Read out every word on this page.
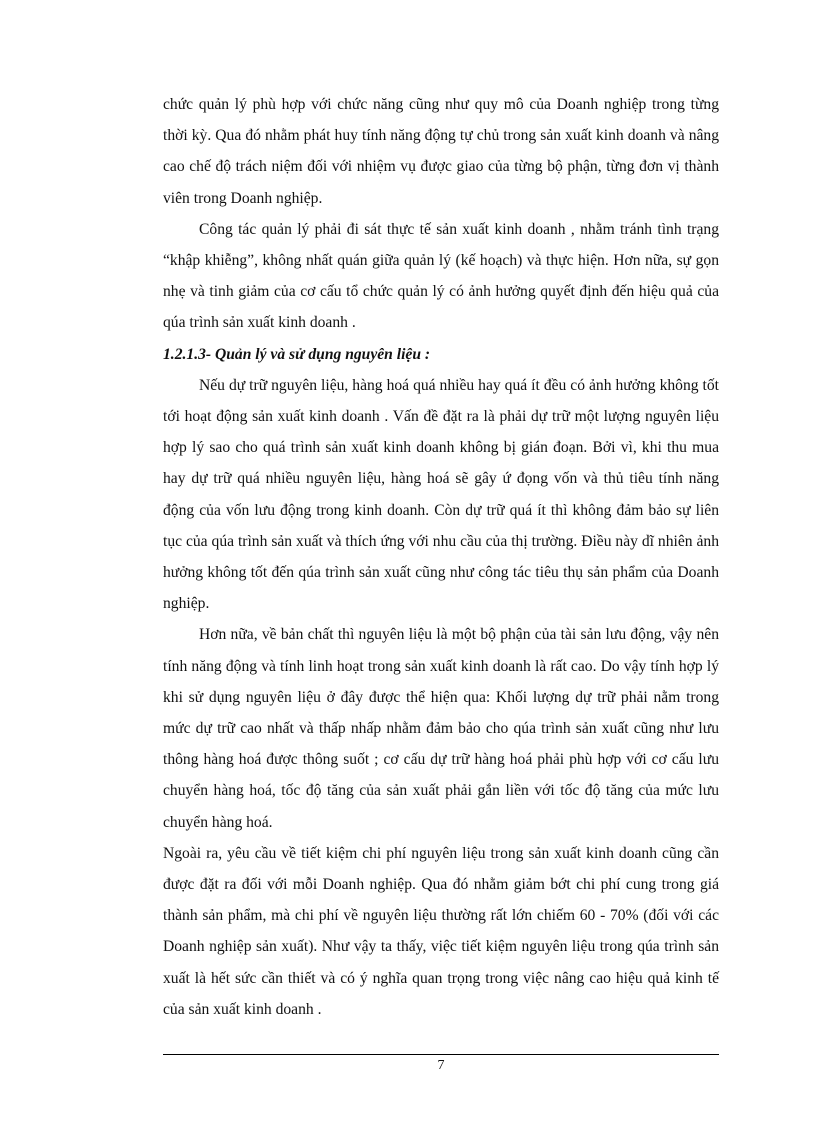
chức quản lý phù hợp với chức năng cũng như quy mô của Doanh nghiệp trong từng thời kỳ. Qua đó nhằm phát huy tính năng động tự chủ trong sản xuất kinh doanh và nâng cao chế độ trách niệm đối với nhiệm vụ được giao của từng bộ phận, từng đơn vị thành viên trong Doanh nghiệp.

Công tác quản lý phải đi sát thực tế sản xuất kinh doanh , nhằm tránh tình trạng “khập khiễng”, không nhất quán giữa quản lý (kế hoạch) và thực hiện. Hơn nữa, sự gọn nhẹ và tinh giảm của cơ cấu tổ chức quản lý có ảnh hưởng quyết định đến hiệu quả của qúa trình sản xuất kinh doanh .

1.2.1.3- Quản lý và sử dụng nguyên liệu :

Nếu dự trữ nguyên liệu, hàng hoá quá nhiều hay quá ít đều có ảnh hưởng không tốt tới hoạt động sản xuất kinh doanh . Vấn đề đặt ra là phải dự trữ một lượng nguyên liệu hợp lý sao cho quá trình sản xuất kinh doanh không bị gián đoạn. Bởi vì, khi thu mua hay dự trữ quá nhiều nguyên liệu, hàng hoá sẽ gây ứ đọng vốn và thủ tiêu tính năng động của vốn lưu động trong kinh doanh. Còn dự trữ quá ít thì không đảm bảo sự liên tục của qúa trình sản xuất và thích ứng với nhu cầu của thị trường. Điều này dĩ nhiên ảnh hưởng không tốt đến qúa trình sản xuất cũng như công tác tiêu thụ sản phẩm của Doanh nghiệp.

Hơn nữa, về bản chất thì nguyên liệu là một bộ phận của tài sản lưu động, vậy nên tính năng động và tính linh hoạt trong sản xuất kinh doanh là rất cao. Do vậy tính hợp lý khi sử dụng nguyên liệu ở đây được thể hiện qua: Khối lượng dự trữ phải nằm trong mức dự trữ cao nhất và thấp nhấp nhằm đảm bảo cho qúa trình sản xuất cũng như lưu thông hàng hoá được thông suốt ; cơ cấu dự trữ hàng hoá phải phù hợp với cơ cấu lưu chuyển hàng hoá, tốc độ tăng của sản xuất phải gắn liền với tốc độ tăng của mức lưu chuyển hàng hoá.

Ngoài ra, yêu cầu về tiết kiệm chi phí nguyên liệu trong sản xuất kinh doanh cũng cần được đặt ra đối với mỗi Doanh nghiệp. Qua đó nhằm giảm bớt chi phí cung trong giá thành sản phẩm, mà chi phí về nguyên liệu thường rất lớn chiếm 60 - 70% (đối với các Doanh nghiệp sản xuất). Như vậy ta thấy, việc tiết kiệm nguyên liệu trong qúa trình sản xuất là hết sức cần thiết và có ý nghĩa quan trọng trong việc nâng cao hiệu quả kinh tế của sản xuất kinh doanh .

7
